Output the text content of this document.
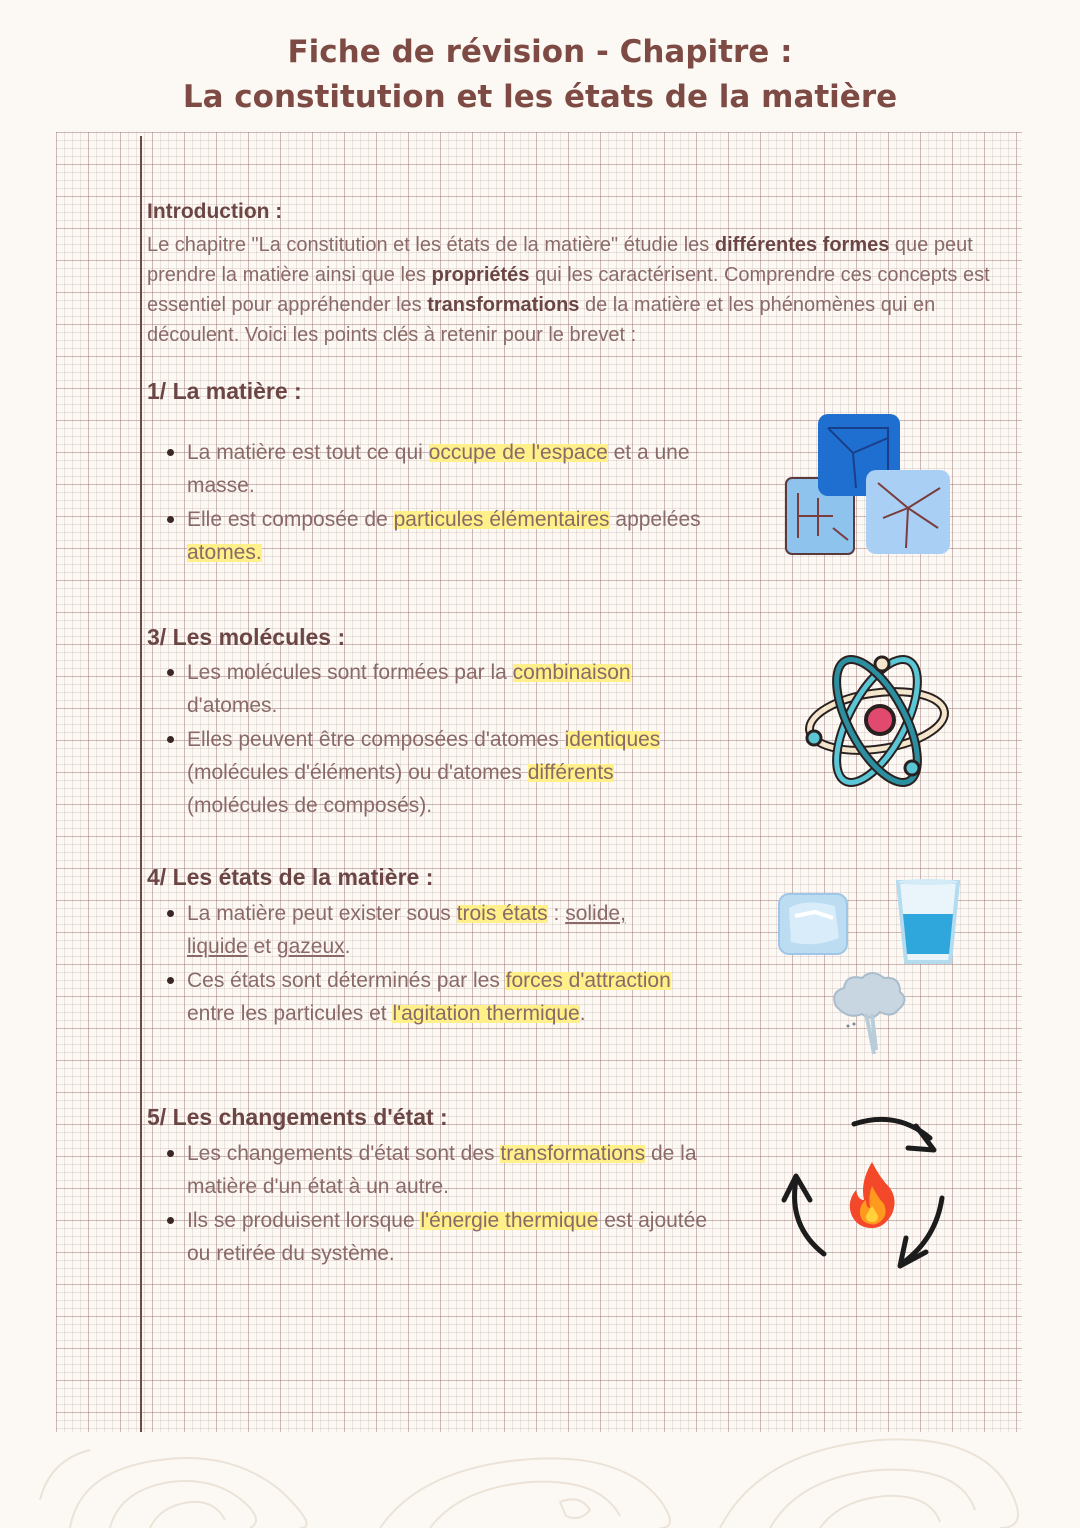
Fiche de révision - Chapitre :
La constitution et les états de la matière
Introduction :
Le chapitre "La constitution et les états de la matière" étudie les différentes formes que peut prendre la matière ainsi que les propriétés qui les caractérisent. Comprendre ces concepts est essentiel pour appréhender les transformations de la matière et les phénomènes qui en découlent. Voici les points clés à retenir pour le brevet :
1/ La matière :
• La matière est tout ce qui occupe de l'espace et a une masse.
• Elle est composée de particules élémentaires appelées atomes.
3/ Les molécules :
• Les molécules sont formées par la combinaison d'atomes.
• Elles peuvent être composées d'atomes identiques (molécules d'éléments) ou d'atomes différents (molécules de composés).
4/ Les états de la matière :
• La matière peut exister sous trois états : solide, liquide et gazeux.
• Ces états sont déterminés par les forces d'attraction entre les particules et l'agitation thermique.
5/ Les changements d'état :
• Les changements d'état sont des transformations de la matière d'un état à un autre.
• Ils se produisent lorsque l'énergie thermique est ajoutée ou retirée du système.
